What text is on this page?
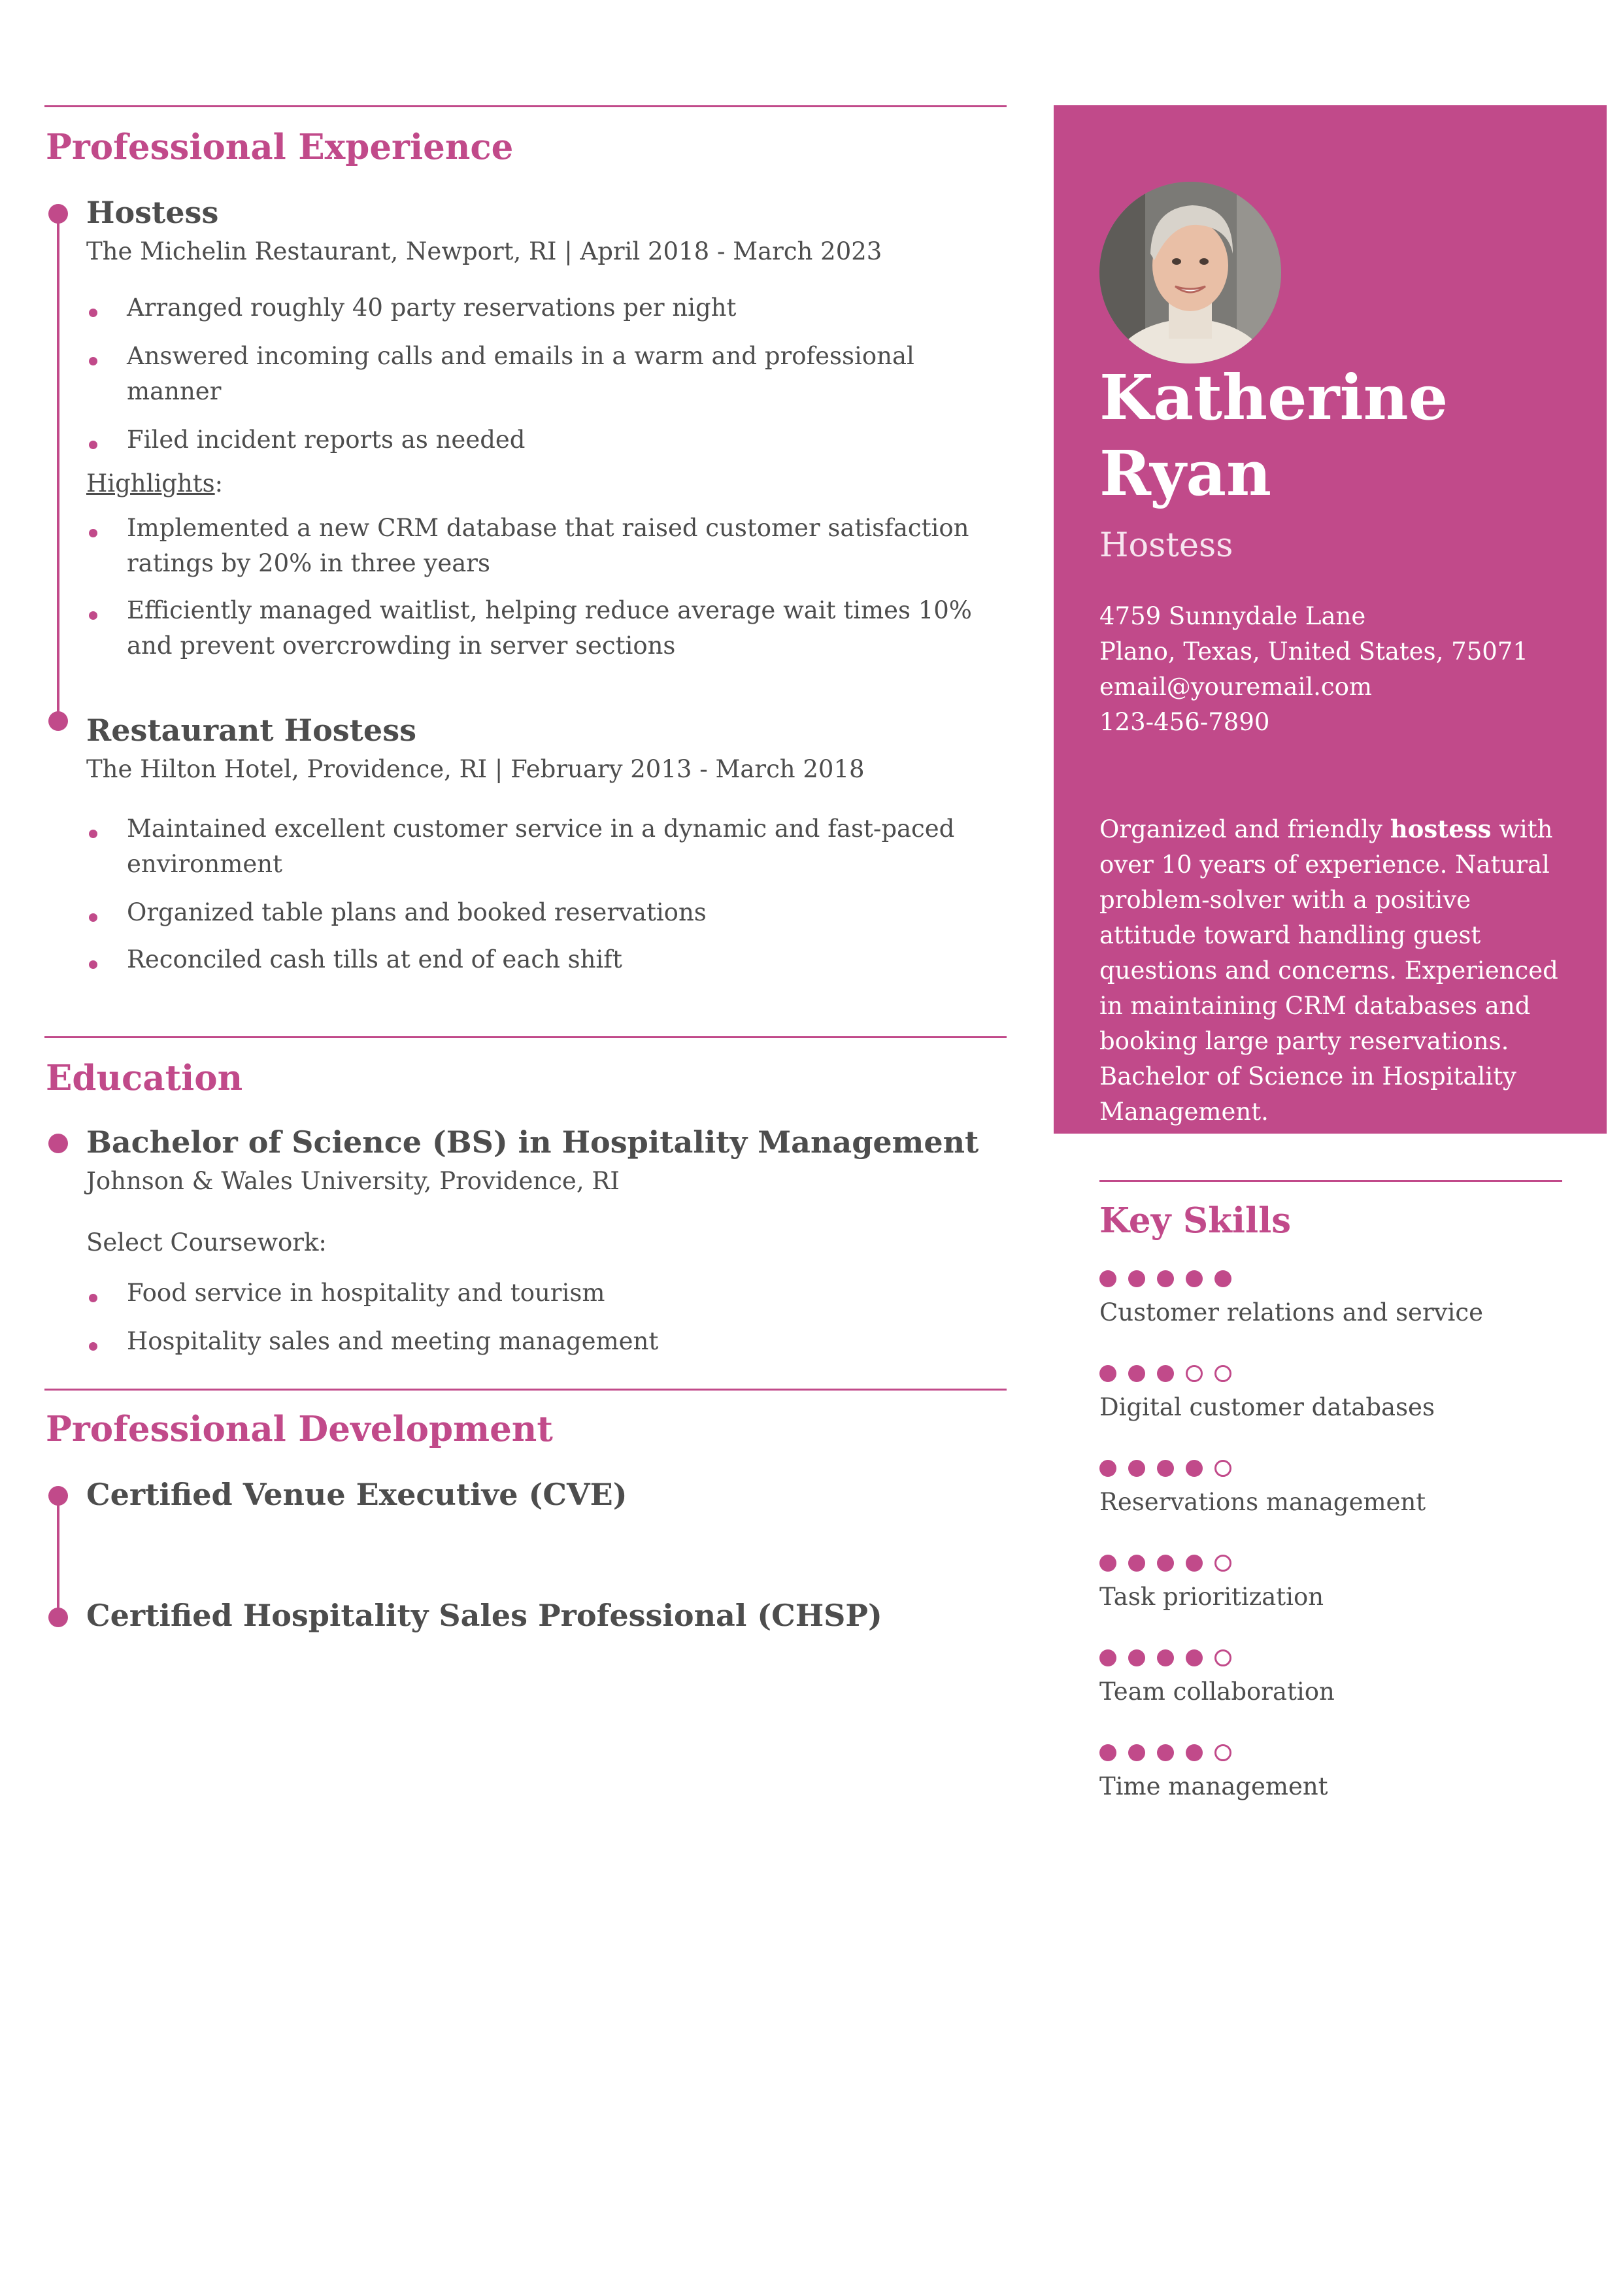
Professional Experience
Hostess
The Michelin Restaurant, Newport, RI | April 2018 - March 2023
Arranged roughly 40 party reservations per night
Answered incoming calls and emails in a warm and professional manner
Filed incident reports as needed
Highlights:
Implemented a new CRM database that raised customer satisfaction ratings by 20% in three years
Efficiently managed waitlist, helping reduce average wait times 10% and prevent overcrowding in server sections
Restaurant Hostess
The Hilton Hotel, Providence, RI | February 2013 - March 2018
Maintained excellent customer service in a dynamic and fast-paced environment
Organized table plans and booked reservations
Reconciled cash tills at end of each shift
Education
Bachelor of Science (BS) in Hospitality Management
Johnson & Wales University, Providence, RI
Select Coursework:
Food service in hospitality and tourism
Hospitality sales and meeting management
Professional Development
Certified Venue Executive (CVE)
Certified Hospitality Sales Professional (CHSP)
Katherine
Ryan
Hostess
4759 Sunnydale Lane
Plano, Texas, United States, 75071
email@youremail.com
123-456-7890
Organized and friendly hostess with over 10 years of experience. Natural problem-solver with a positive attitude toward handling guest questions and concerns. Experienced in maintaining CRM databases and booking large party reservations. Bachelor of Science in Hospitality Management.
Key Skills
Customer relations and service
Digital customer databases
Reservations management
Task prioritization
Team collaboration
Time management
